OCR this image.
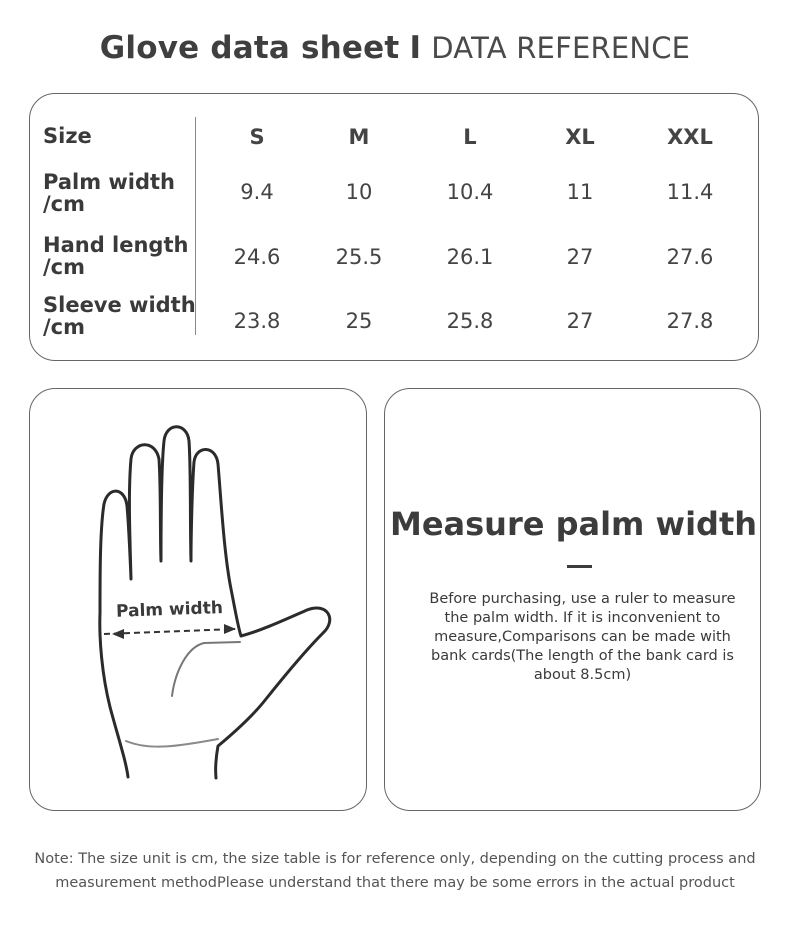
Glove data sheet I DATA REFERENCE
Size	S	M	L	XL	XXL
Palm width
/cm	9.4	10	10.4	11	11.4
Hand length
/cm	24.6	25.5	26.1	27	27.6
Sleeve width
/cm	23.8	25	25.8	27	27.8
Palm width
Measure palm width
Before purchasing, use a ruler to measure the palm width. If it is inconvenient to measure,Comparisons can be made with bank cards(The length of the bank card is about 8.5cm)
Note: The size unit is cm, the size table is for reference only, depending on the cutting process and measurement methodPlease understand that there may be some errors in the actual product
